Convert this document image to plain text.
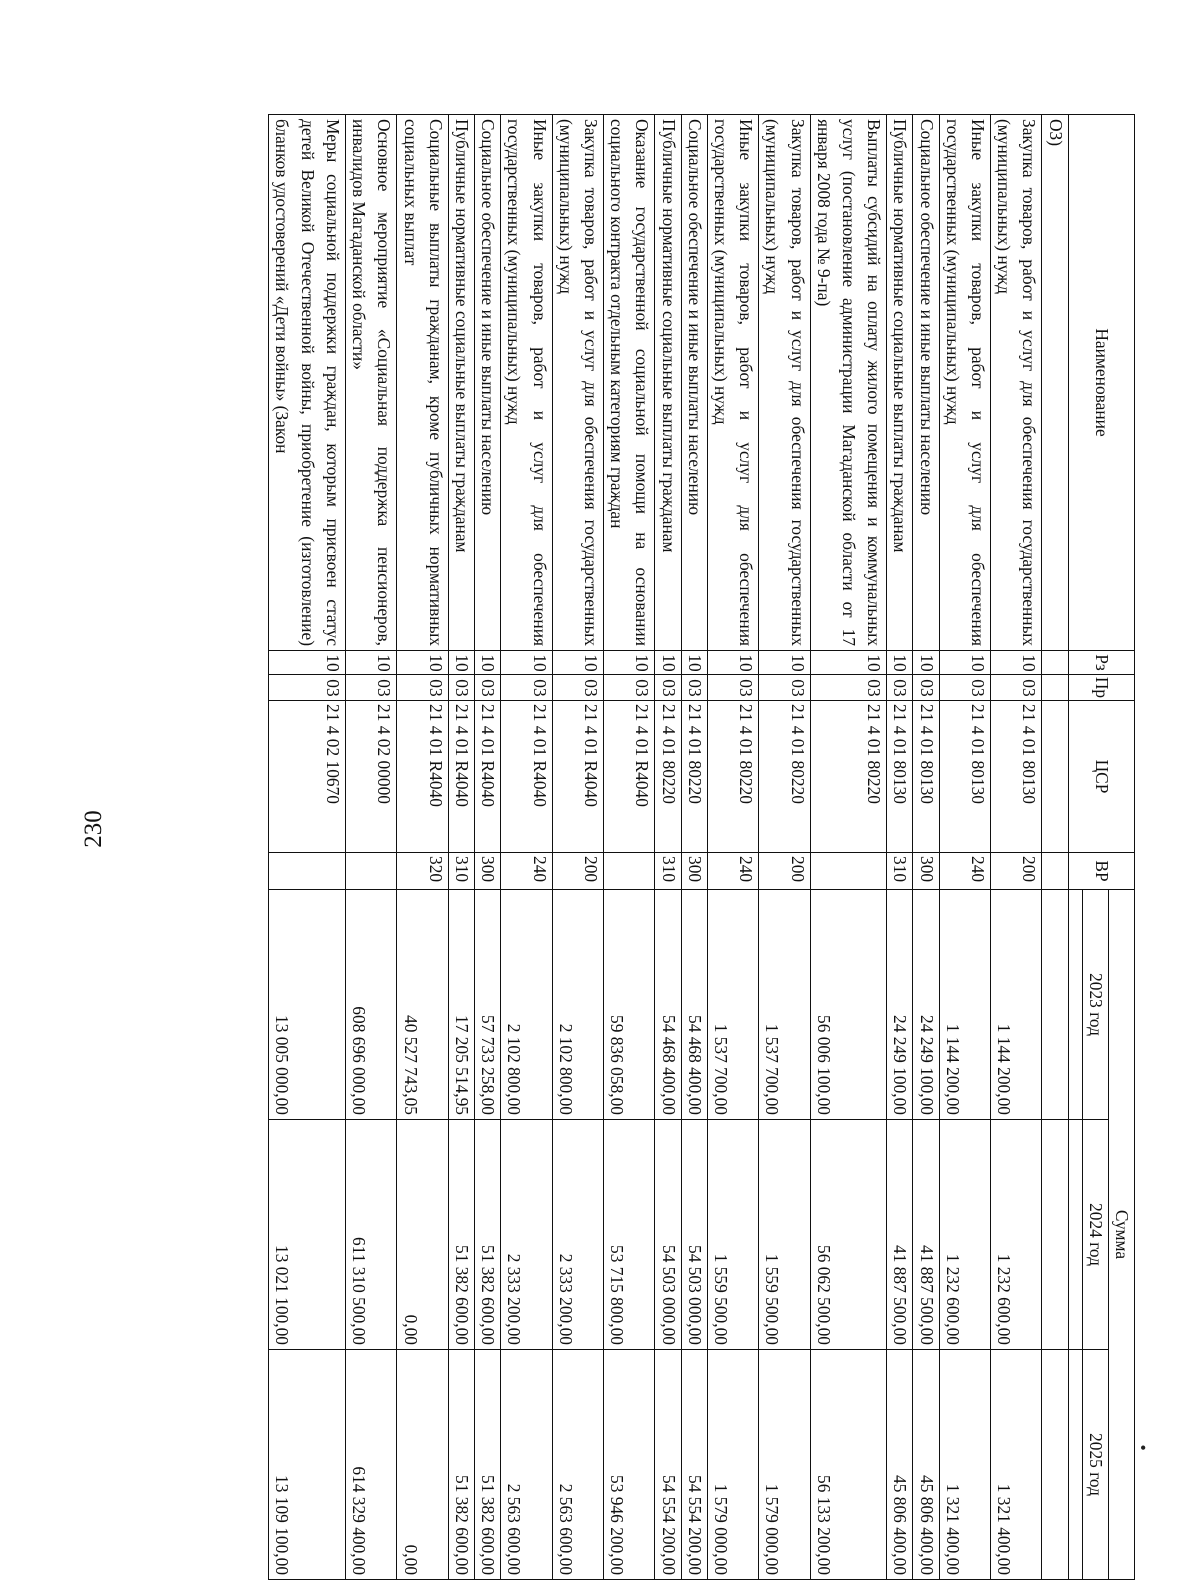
230
•
Наименование	Рз	Пр	ЦСР	ВР	Сумма		
					2023 год	2024 год	2025 год

ОЗ)							
Закупка товаров, работ и услуг для обеспечения государственных (муниципальных) нужд	10	03	21 4 01 80130	200	1 144 200,00	1 232 600,00	1 321 400,00
Иные закупки товаров, работ и услуг для обеспечения государственных (муниципальных) нужд	10	03	21 4 01 80130	240	1 144 200,00	1 232 600,00	1 321 400,00
Социальное обеспечение и иные выплаты населению	10	03	21 4 01 80130	300	24 249 100,00	41 887 500,00	45 806 400,00
Публичные нормативные социальные выплаты гражданам	10	03	21 4 01 80130	310	24 249 100,00	41 887 500,00	45 806 400,00
Выплаты субсидий на оплату жилого помещения и коммунальных услуг (постановление администрации Магаданской области от 17 января 2008 года № 9-па)	10	03	21 4 01 80220		56 006 100,00	56 062 500,00	56 133 200,00
Закупка товаров, работ и услуг для обеспечения государственных (муниципальных) нужд	10	03	21 4 01 80220	200	1 537 700,00	1 559 500,00	1 579 000,00
Иные закупки товаров, работ и услуг для обеспечения государственных (муниципальных) нужд	10	03	21 4 01 80220	240	1 537 700,00	1 559 500,00	1 579 000,00
Социальное обеспечение и иные выплаты населению	10	03	21 4 01 80220	300	54 468 400,00	54 503 000,00	54 554 200,00
Публичные нормативные социальные выплаты гражданам	10	03	21 4 01 80220	310	54 468 400,00	54 503 000,00	54 554 200,00
Оказание государственной социальной помощи на основании социального контракта отдельным категориям граждан	10	03	21 4 01 R4040		59 836 058,00	53 715 800,00	53 946 200,00
Закупка товаров, работ и услуг для обеспечения государственных (муниципальных) нужд	10	03	21 4 01 R4040	200	2 102 800,00	2 333 200,00	2 563 600,00
Иные закупки товаров, работ и услуг для обеспечения государственных (муниципальных) нужд	10	03	21 4 01 R4040	240	2 102 800,00	2 333 200,00	2 563 600,00
Социальное обеспечение и иные выплаты населению	10	03	21 4 01 R4040	300	57 733 258,00	51 382 600,00	51 382 600,00
Публичные нормативные социальные выплаты гражданам	10	03	21 4 01 R4040	310	17 205 514,95	51 382 600,00	51 382 600,00
Социальные выплаты гражданам, кроме публичных нормативных социальных выплат	10	03	21 4 01 R4040	320	40 527 743,05	0,00	0,00
Основное мероприятие «Социальная поддержка пенсионеров, инвалидов Магаданской области»	10	03	21 4 02 00000		608 696 000,00	611 310 500,00	614 329 400,00
Меры социальной поддержки граждан, которым присвоен статус детей Великой Отечественной войны, приобретение (изготовление) бланков удостоверений «Дети войны» (Закон	10	03	21 4 02 10670		13 005 000,00	13 021 100,00	13 109 100,00
